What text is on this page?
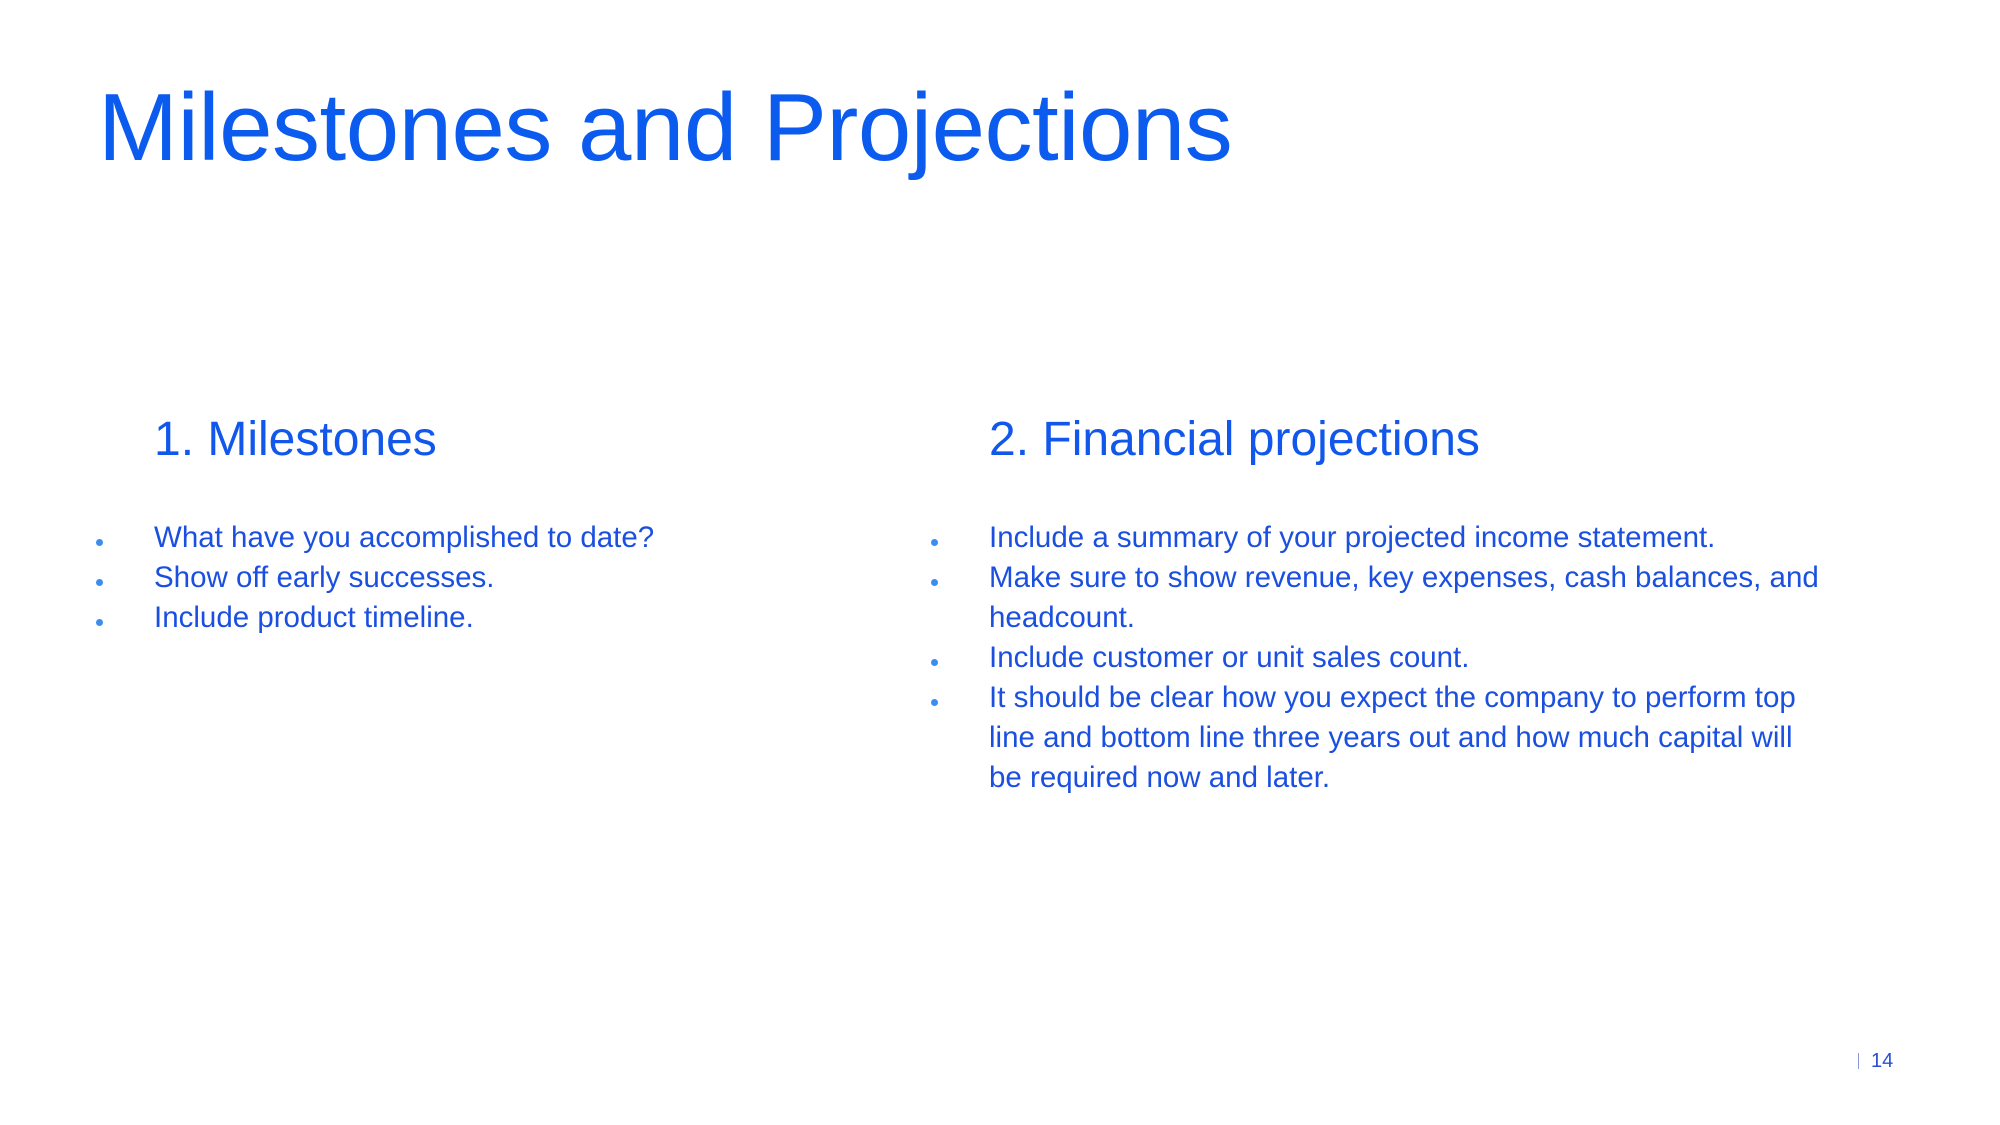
Milestones and Projections
1. Milestones
What have you accomplished to date?
Show off early successes.
Include product timeline.
2. Financial projections
Include a summary of your projected income statement.
Make sure to show revenue, key expenses, cash balances, and headcount.
Include customer or unit sales count.
It should be clear how you expect the company to perform top line and bottom line three years out and how much capital will be required now and later.
14
